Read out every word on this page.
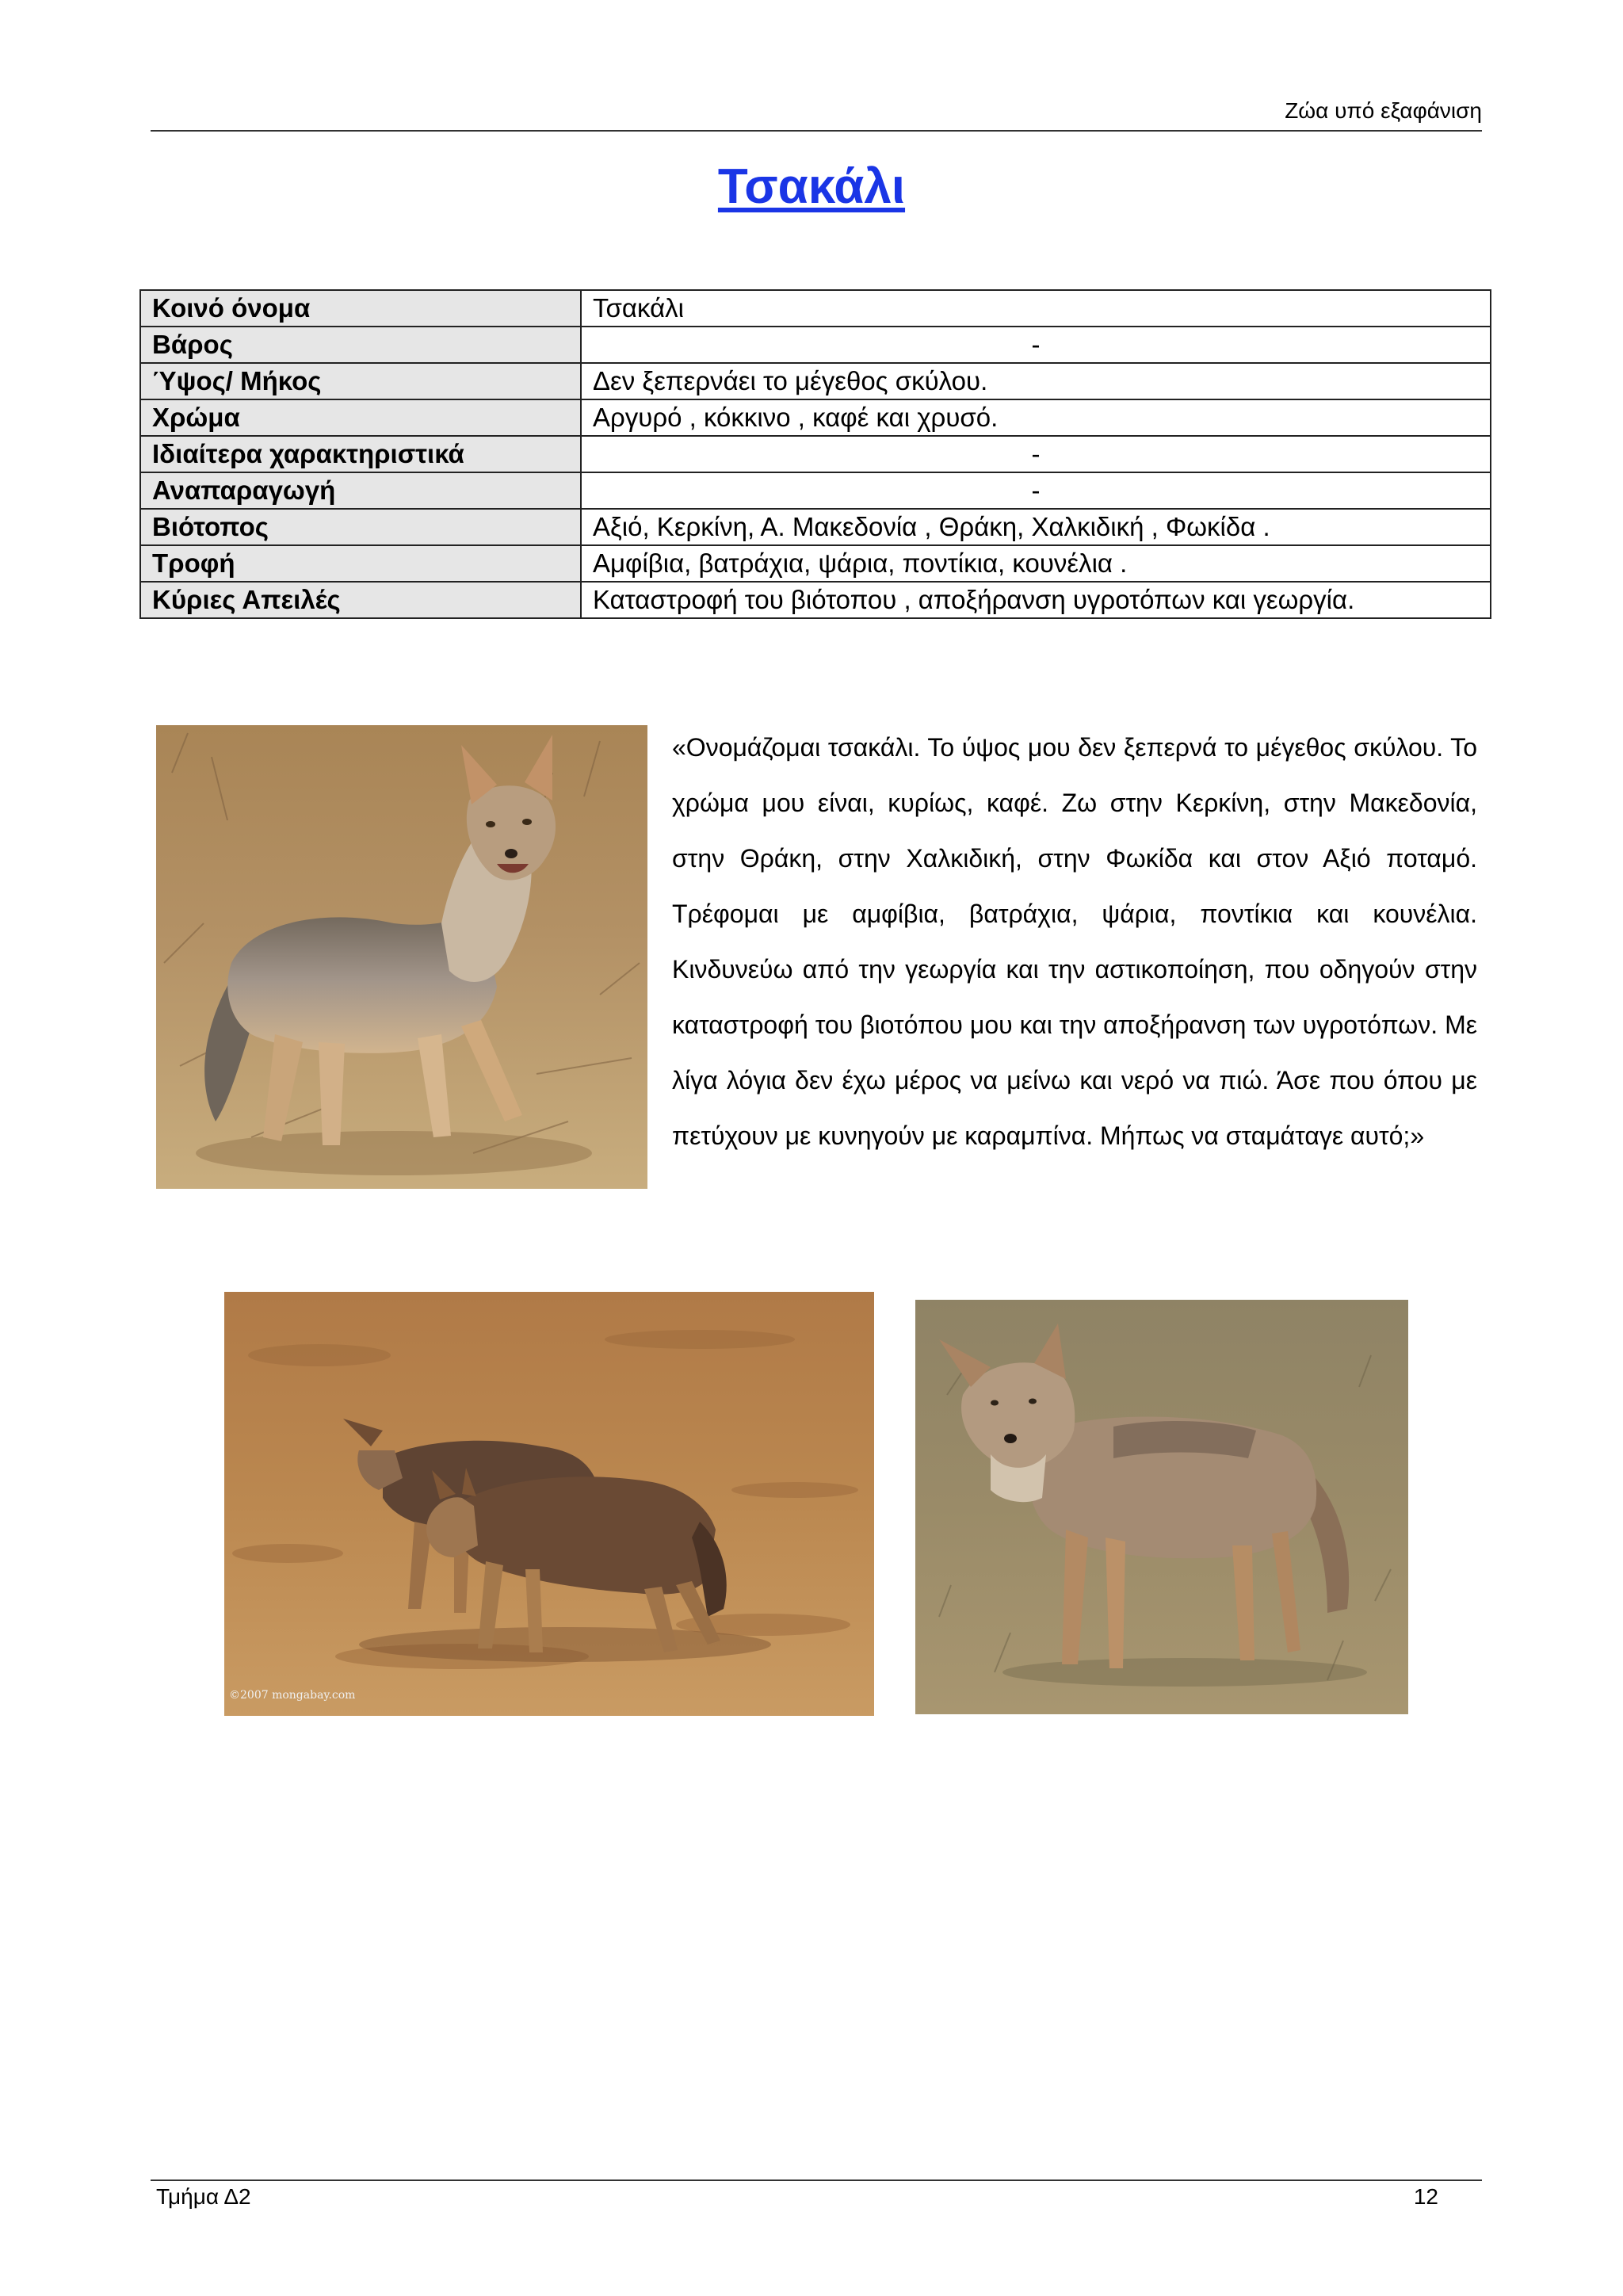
Ζώα υπό εξαφάνιση
Τσακάλι
Κοινό όνομα	Τσακάλι
Βάρος	-
Ύψος/ Μήκος	Δεν ξεπερνάει το μέγεθος σκύλου.
Χρώμα	Αργυρό , κόκκινο , καφέ και χρυσό.
Ιδιαίτερα χαρακτηριστικά	-
Αναπαραγωγή	-
Βιότοπος	Αξιό, Κερκίνη, Α. Μακεδονία , Θράκη, Χαλκιδική , Φωκίδα .
Τροφή	Αμφίβια, βατράχια, ψάρια, ποντίκια, κουνέλια .
Κύριες Απειλές	Καταστροφή του βιότοπου , αποξήρανση υγροτόπων και γεωργία.
«Ονομάζομαι τσακάλι. Το ύψος μου δεν ξεπερνά το μέγεθος σκύλου. Το χρώμα μου είναι, κυρίως, καφέ. Ζω στην Κερκίνη, στην Μακεδονία, στην Θράκη, στην Χαλκιδική, στην Φωκίδα και στον Αξιό ποταμό. Τρέφομαι με αμφίβια, βατράχια, ψάρια, ποντίκια και κουνέλια. Κινδυνεύω από την γεωργία και την αστικοποίηση, που οδηγούν στην καταστροφή του βιοτόπου μου και την αποξήρανση των υγροτόπων. Με λίγα λόγια δεν έχω μέρος να μείνω και νερό να πιώ. Άσε που όπου με πετύχουν με κυνηγούν με καραμπίνα. Μήπως να σταμάταγε αυτό;»
©2007 mongabay.com
Τμήμα Δ2	12
